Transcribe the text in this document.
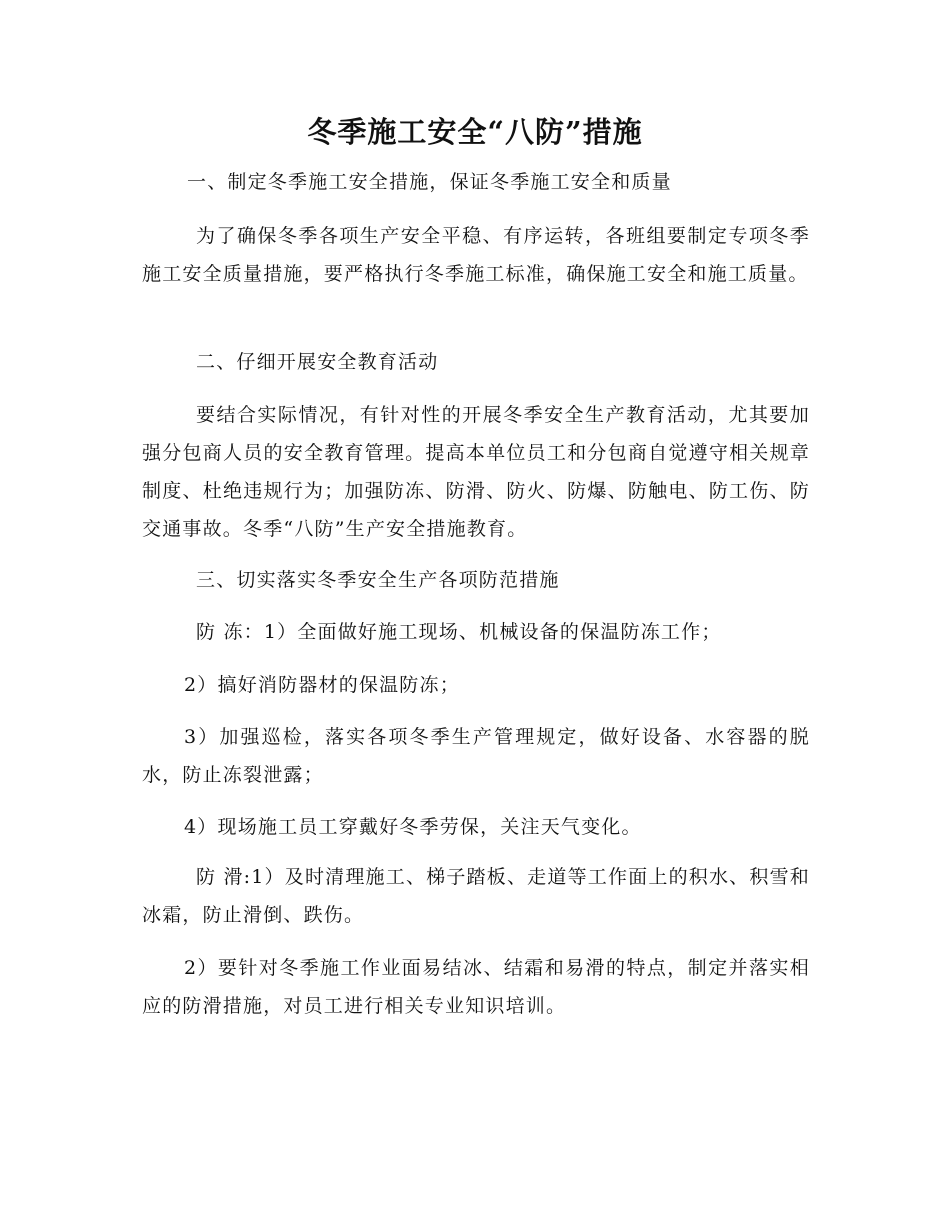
冬季施工安全“八防”措施

一、制定冬季施工安全措施，保证冬季施工安全和质量

为了确保冬季各项生产安全平稳、有序运转，各班组要制定专项冬季施工安全质量措施，要严格执行冬季施工标准，确保施工安全和施工质量。

二、仔细开展安全教育活动

要结合实际情况，有针对性的开展冬季安全生产教育活动，尤其要加强分包商人员的安全教育管理。提高本单位员工和分包商自觉遵守相关规章制度、杜绝违规行为；加强防冻、防滑、防火、防爆、防触电、防工伤、防交通事故。冬季“八防”生产安全措施教育。

三、切实落实冬季安全生产各项防范措施

防 冻：1）全面做好施工现场、机械设备的保温防冻工作；

2）搞好消防器材的保温防冻；

3）加强巡检，落实各项冬季生产管理规定，做好设备、水容器的脱水，防止冻裂泄露；

4）现场施工员工穿戴好冬季劳保，关注天气变化。

防 滑:1）及时清理施工、梯子踏板、走道等工作面上的积水、积雪和冰霜，防止滑倒、跌伤。

2）要针对冬季施工作业面易结冰、结霜和易滑的特点，制定并落实相应的防滑措施，对员工进行相关专业知识培训。
